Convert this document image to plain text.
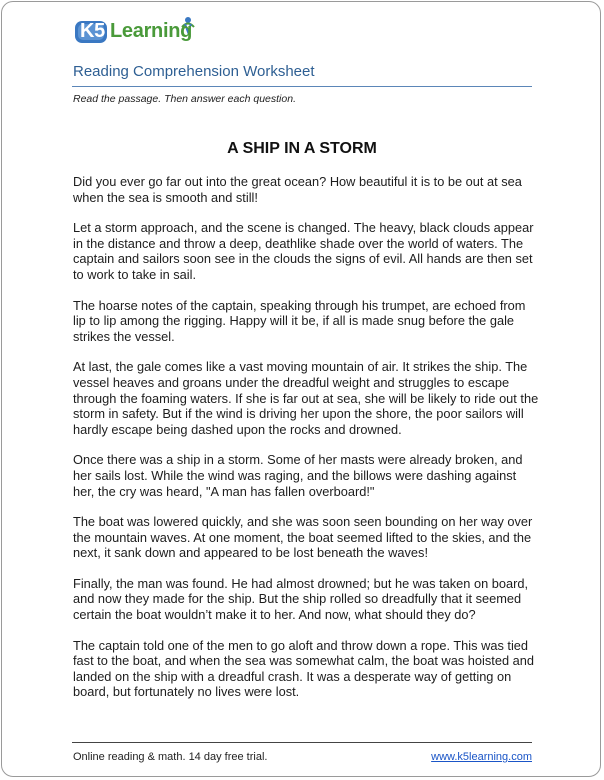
K5 Learning
Reading Comprehension Worksheet
Read the passage. Then answer each question.
A SHIP IN A STORM

Did you ever go far out into the great ocean? How beautiful it is to be out at sea when the sea is smooth and still!

Let a storm approach, and the scene is changed. The heavy, black clouds appear in the distance and throw a deep, deathlike shade over the world of waters. The captain and sailors soon see in the clouds the signs of evil. All hands are then set to work to take in sail.

The hoarse notes of the captain, speaking through his trumpet, are echoed from lip to lip among the rigging. Happy will it be, if all is made snug before the gale strikes the vessel.

At last, the gale comes like a vast moving mountain of air. It strikes the ship. The vessel heaves and groans under the dreadful weight and struggles to escape through the foaming waters. If she is far out at sea, she will be likely to ride out the storm in safety. But if the wind is driving her upon the shore, the poor sailors will hardly escape being dashed upon the rocks and drowned.

Once there was a ship in a storm. Some of her masts were already broken, and her sails lost. While the wind was raging, and the billows were dashing against her, the cry was heard, "A man has fallen overboard!"

The boat was lowered quickly, and she was soon seen bounding on her way over the mountain waves. At one moment, the boat seemed lifted to the skies, and the next, it sank down and appeared to be lost beneath the waves!

Finally, the man was found. He had almost drowned; but he was taken on board, and now they made for the ship. But the ship rolled so dreadfully that it seemed certain the boat wouldn’t make it to her. And now, what should they do?

The captain told one of the men to go aloft and throw down a rope. This was tied fast to the boat, and when the sea was somewhat calm, the boat was hoisted and landed on the ship with a dreadful crash. It was a desperate way of getting on board, but fortunately no lives were lost.

Online reading & math. 14 day free trial.	www.k5learning.com
